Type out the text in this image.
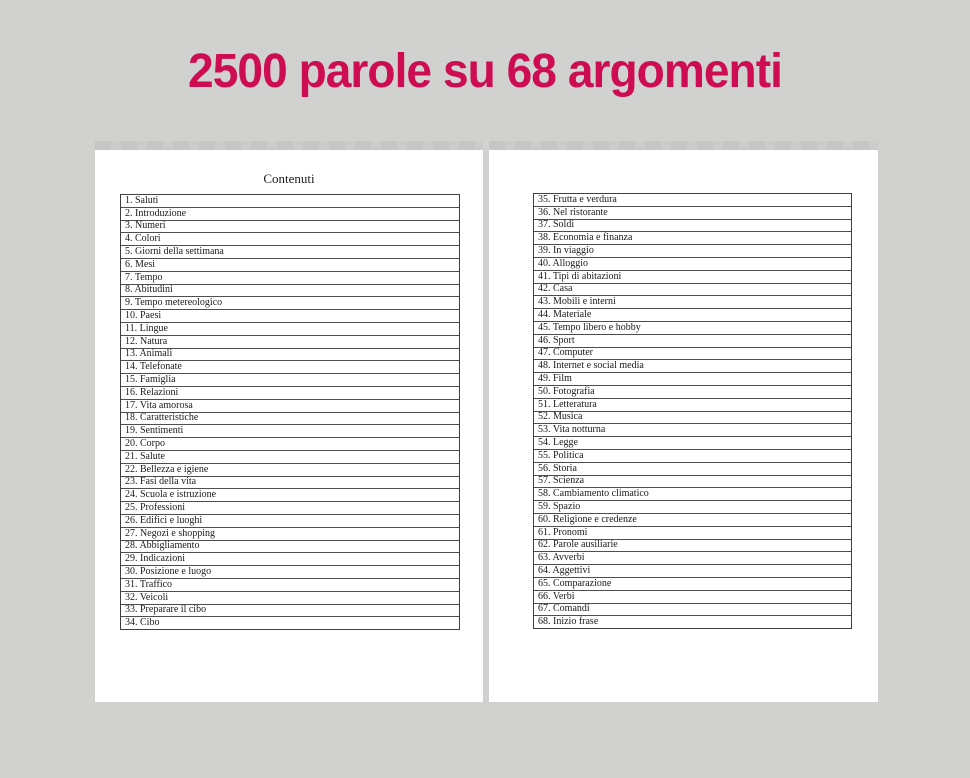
2500 parole su 68 argomenti
Contenuti
1. Saluti
2. Introduzione
3. Numeri
4. Colori
5. Giorni della settimana
6. Mesi
7. Tempo
8. Abitudini
9. Tempo metereologico
10. Paesi
11. Lingue
12. Natura
13. Animali
14. Telefonate
15. Famiglia
16. Relazioni
17. Vita amorosa
18. Caratteristiche
19. Sentimenti
20. Corpo
21. Salute
22. Bellezza e igiene
23. Fasi della vita
24. Scuola e istruzione
25. Professioni
26. Edifici e luoghi
27. Negozi e shopping
28. Abbigliamento
29. Indicazioni
30. Posizione e luogo
31. Traffico
32. Veicoli
33. Preparare il cibo
34. Cibo
35. Frutta e verdura
36. Nel ristorante
37. Soldi
38. Economia e finanza
39. In viaggio
40. Alloggio
41. Tipi di abitazioni
42. Casa
43. Mobili e interni
44. Materiale
45. Tempo libero e hobby
46. Sport
47. Computer
48. Internet e social media
49. Film
50. Fotografia
51. Letteratura
52. Musica
53. Vita notturna
54. Legge
55. Politica
56. Storia
57. Scienza
58. Cambiamento climatico
59. Spazio
60. Religione e credenze
61. Pronomi
62. Parole ausiliarie
63. Avverbi
64. Aggettivi
65. Comparazione
66. Verbi
67. Comandi
68. Inizio frase
